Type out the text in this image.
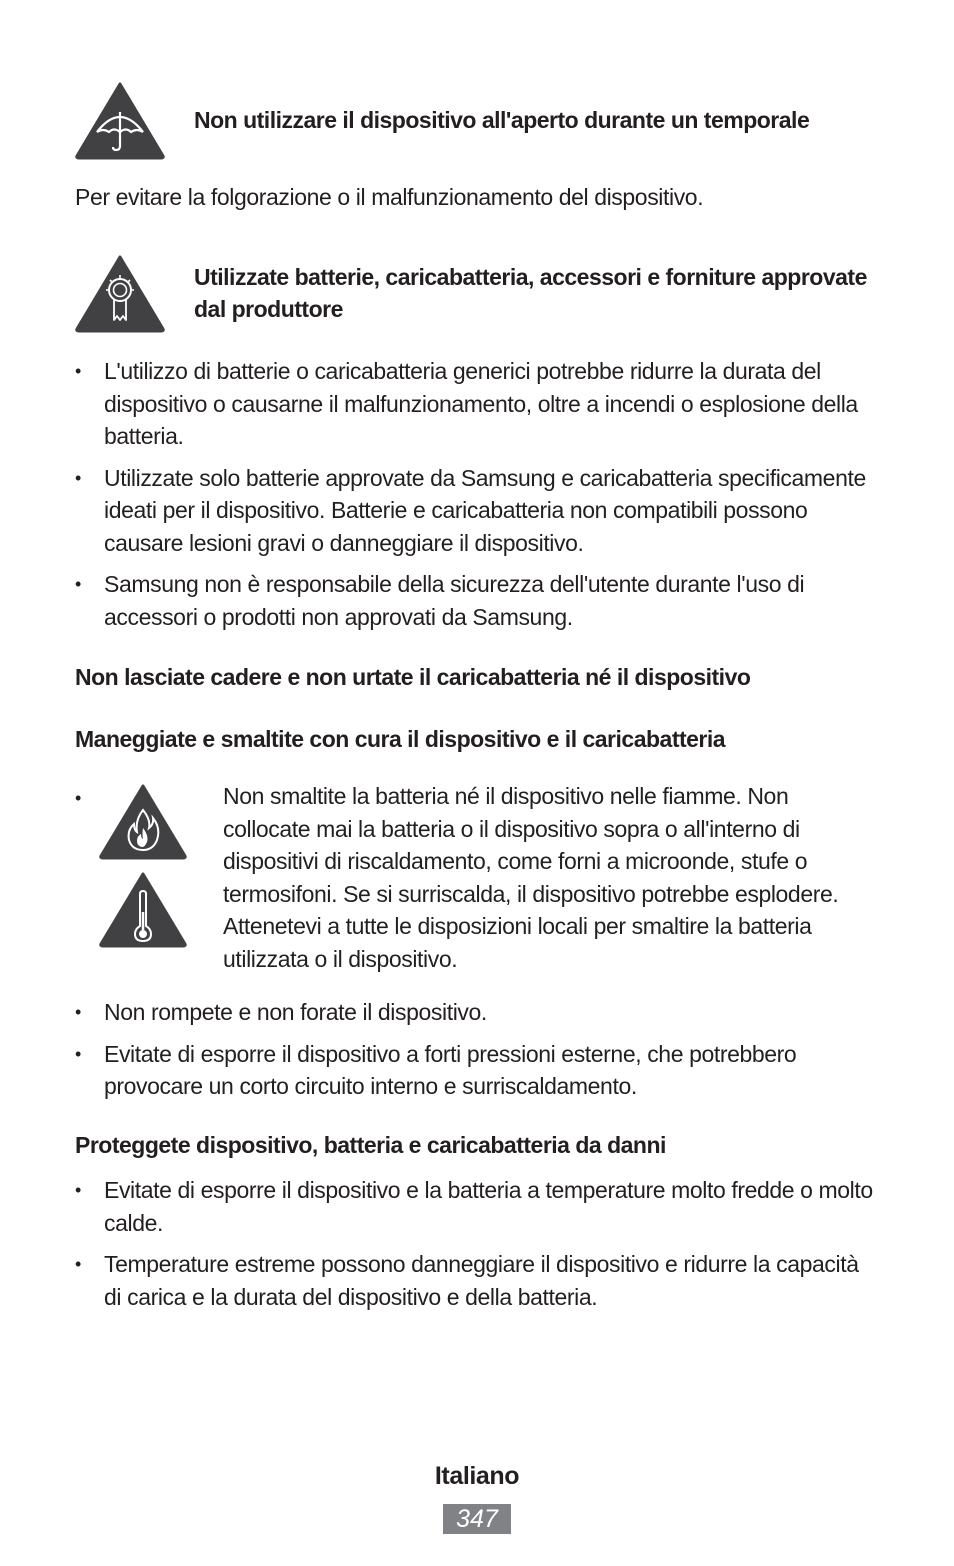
Non utilizzare il dispositivo all'aperto durante un temporale
Per evitare la folgorazione o il malfunzionamento del dispositivo.
Utilizzate batterie, caricabatteria, accessori e forniture approvate dal produttore
• L'utilizzo di batterie o caricabatteria generici potrebbe ridurre la durata del dispositivo o causarne il malfunzionamento, oltre a incendi o esplosione della batteria.
• Utilizzate solo batterie approvate da Samsung e caricabatteria specificamente ideati per il dispositivo. Batterie e caricabatteria non compatibili possono causare lesioni gravi o danneggiare il dispositivo.
• Samsung non è responsabile della sicurezza dell'utente durante l'uso di accessori o prodotti non approvati da Samsung.
Non lasciate cadere e non urtate il caricabatteria né il dispositivo
Maneggiate e smaltite con cura il dispositivo e il caricabatteria
•	Non smaltite la batteria né il dispositivo nelle fiamme. Non collocate mai la batteria o il dispositivo sopra o all'interno di dispositivi di riscaldamento, come forni a microonde, stufe o termosifoni. Se si surriscalda, il dispositivo potrebbe esplodere. Attenetevi a tutte le disposizioni locali per smaltire la batteria utilizzata o il dispositivo.
• Non rompete e non forate il dispositivo.
• Evitate di esporre il dispositivo a forti pressioni esterne, che potrebbero provocare un corto circuito interno e surriscaldamento.
Proteggete dispositivo, batteria e caricabatteria da danni
• Evitate di esporre il dispositivo e la batteria a temperature molto fredde o molto calde.
• Temperature estreme possono danneggiare il dispositivo e ridurre la capacità di carica e la durata del dispositivo e della batteria.
Italiano
347
